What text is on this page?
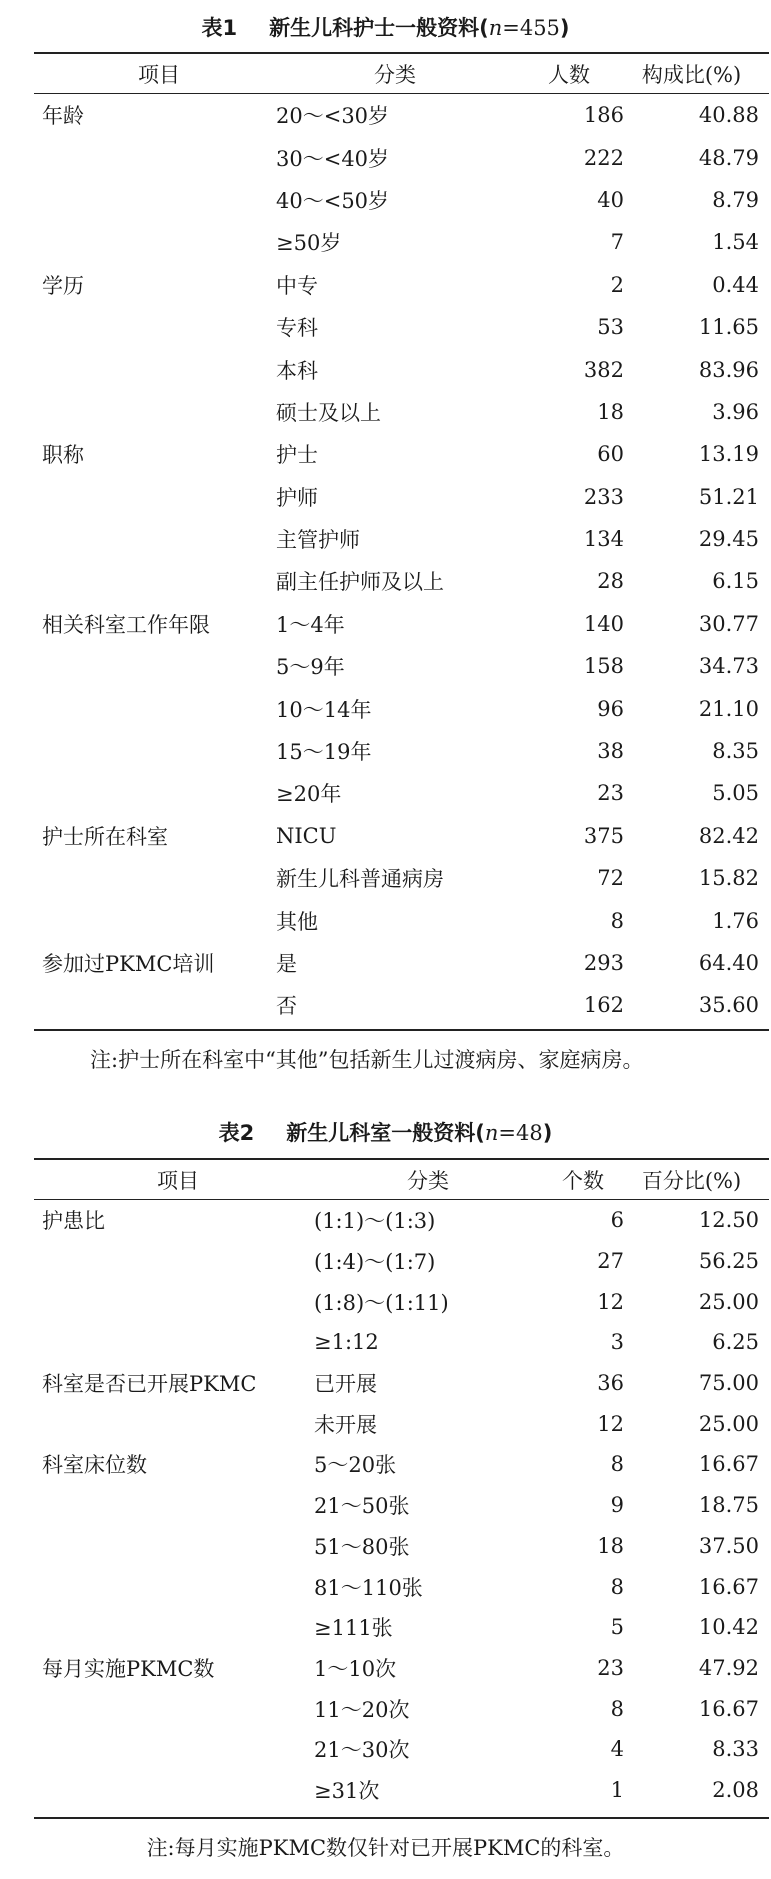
表1 新生儿科护士一般资料(n=455)
项目	分类	人数	构成比(%)
年龄	20～<30岁	186	40.88
	30～<40岁	222	48.79
	40～<50岁	40	8.79
	≥50岁	7	1.54
学历	中专	2	0.44
	专科	53	11.65
	本科	382	83.96
	硕士及以上	18	3.96
职称	护士	60	13.19
	护师	233	51.21
	主管护师	134	29.45
	副主任护师及以上	28	6.15
相关科室工作年限	1～4年	140	30.77
	5～9年	158	34.73
	10～14年	96	21.10
	15～19年	38	8.35
	≥20年	23	5.05
护士所在科室	NICU	375	82.42
	新生儿科普通病房	72	15.82
	其他	8	1.76
参加过PKMC培训	是	293	64.40
	否	162	35.60
注:护士所在科室中“其他”包括新生儿过渡病房、家庭病房。
表2 新生儿科室一般资料(n=48)
项目	分类	个数	百分比(%)
护患比	(1:1)～(1:3)	6	12.50
	(1:4)～(1:7)	27	56.25
	(1:8)～(1:11)	12	25.00
	≥1:12	3	6.25
科室是否已开展PKMC	已开展	36	75.00
	未开展	12	25.00
科室床位数	5～20张	8	16.67
	21～50张	9	18.75
	51～80张	18	37.50
	81～110张	8	16.67
	≥111张	5	10.42
每月实施PKMC数	1～10次	23	47.92
	11～20次	8	16.67
	21～30次	4	8.33
	≥31次	1	2.08
注:每月实施PKMC数仅针对已开展PKMC的科室。
